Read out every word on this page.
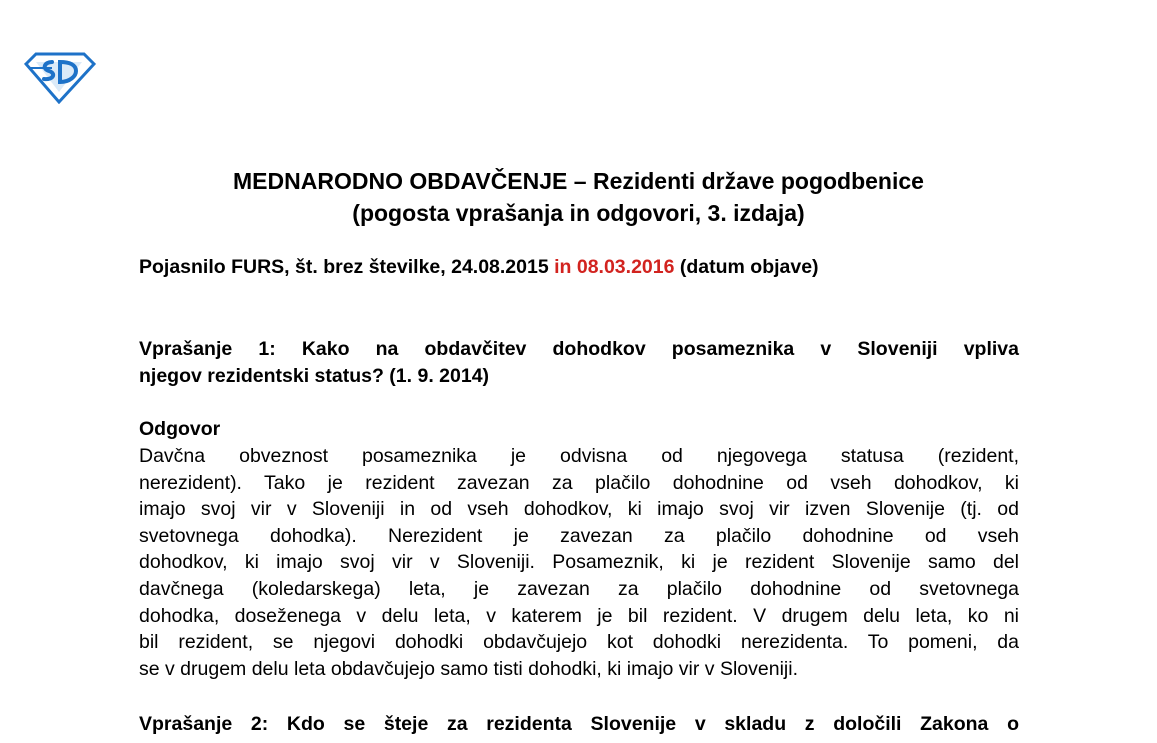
MEDNARODNO OBDAVČENJE – Rezidenti države pogodbenice
(pogosta vprašanja in odgovori, 3. izdaja)
Pojasnilo FURS, št. brez številke, 24.08.2015 in 08.03.2016 (datum objave)
Vprašanje 1: Kako na obdavčitev dohodkov posameznika v Sloveniji vpliva
njegov rezidentski status? (1. 9. 2014)
Odgovor
Davčna obveznost posameznika je odvisna od njegovega statusa (rezident,
nerezident). Tako je rezident zavezan za plačilo dohodnine od vseh dohodkov, ki
imajo svoj vir v Sloveniji in od vseh dohodkov, ki imajo svoj vir izven Slovenije (tj. od
svetovnega dohodka). Nerezident je zavezan za plačilo dohodnine od vseh
dohodkov, ki imajo svoj vir v Sloveniji. Posameznik, ki je rezident Slovenije samo del
davčnega (koledarskega) leta, je zavezan za plačilo dohodnine od svetovnega
dohodka, doseženega v delu leta, v katerem je bil rezident. V drugem delu leta, ko ni
bil rezident, se njegovi dohodki obdavčujejo kot dohodki nerezidenta. To pomeni, da
se v drugem delu leta obdavčujejo samo tisti dohodki, ki imajo vir v Sloveniji.
Vprašanje 2: Kdo se šteje za rezidenta Slovenije v skladu z določili Zakona o
